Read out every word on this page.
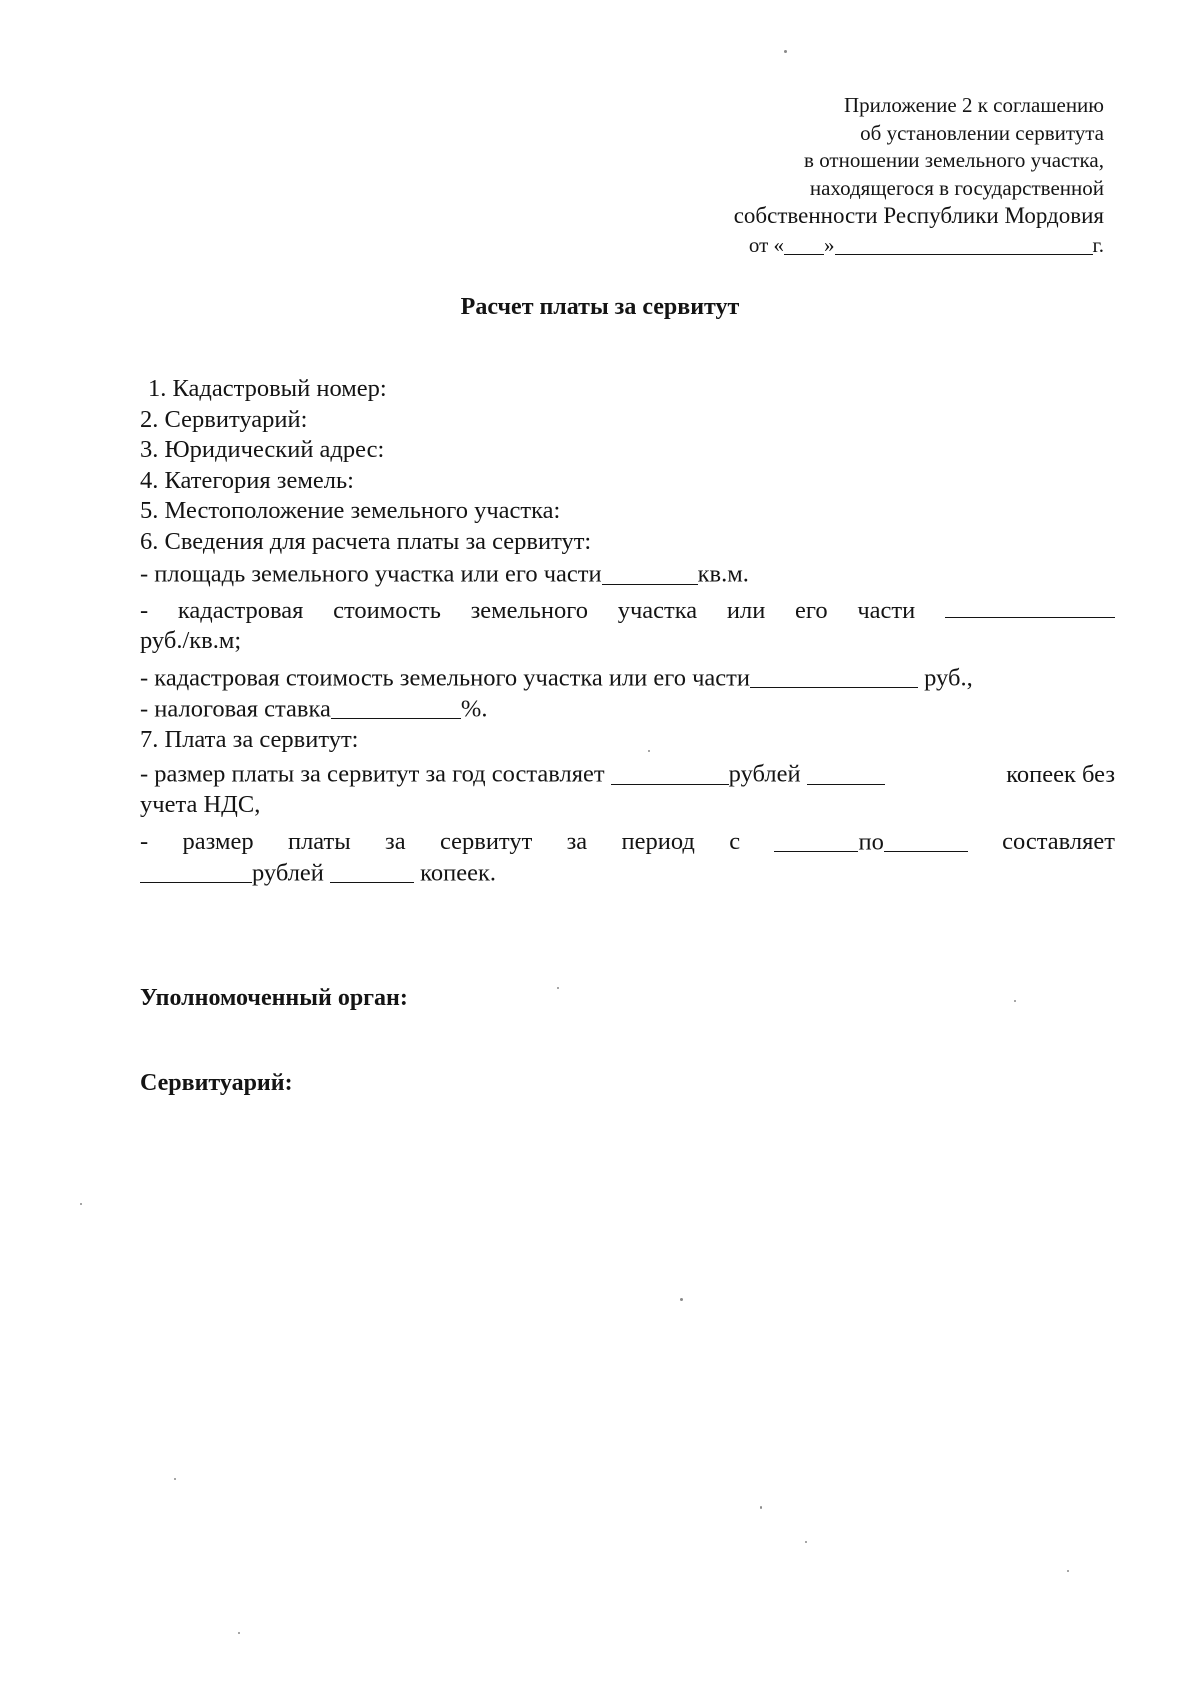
Приложение 2 к соглашению
об установлении сервитута
в отношении земельного участка,
находящегося в государственной
собственности Республики Мордовия
от « »	г.
Расчет платы за сервитут
1. Кадастровый номер:
2. Сервитуарий:
3. Юридический адрес:
4. Категория земель:
5. Местоположение земельного участка:
6. Сведения для расчета платы за сервитут:
- площадь земельного участка или его части	кв.м.
- кадастровая стоимость земельного участка или его части
руб./кв.м;
- кадастровая стоимость земельного участка или его части	руб.,
- налоговая ставка	%.
7. Плата за сервитут:
- размер платы за сервитут за год составляет	рублей	копеек без
учета НДС,
- размер платы за сервитут за период с	по	составляет
рублей	копеек.
Уполномоченный орган:
Сервитуарий:
